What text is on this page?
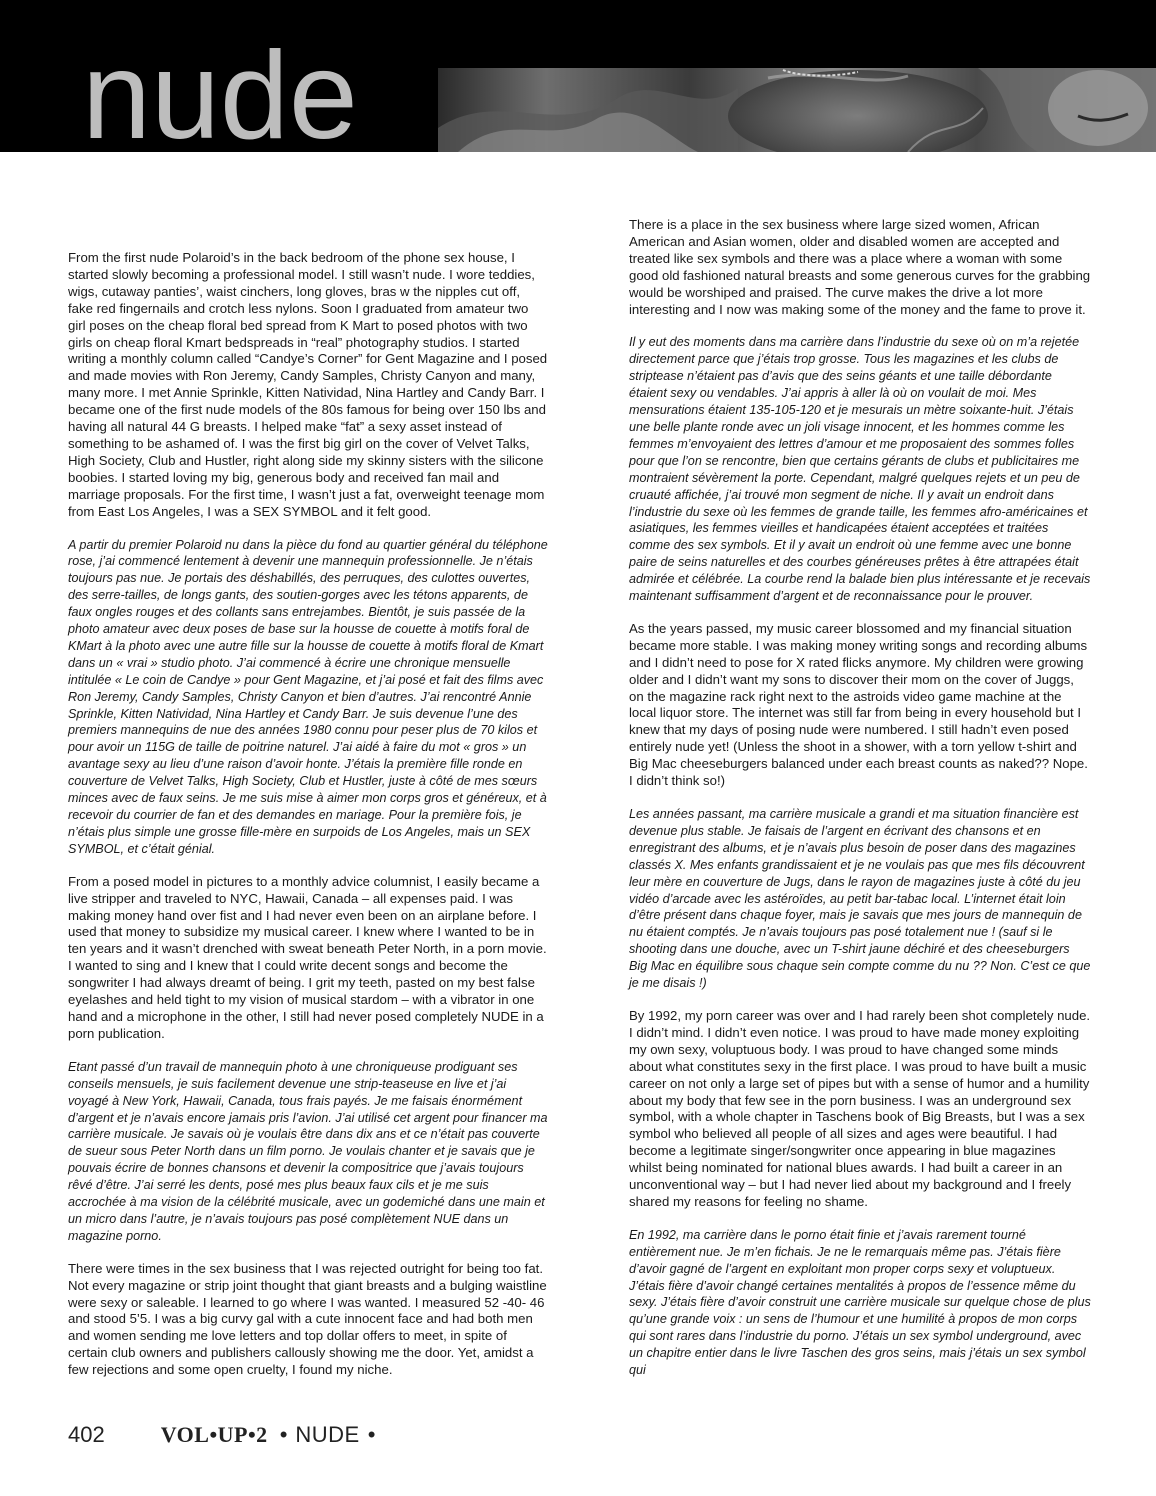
nude

From the first nude Polaroid’s in the back bedroom of the phone sex house, I started slowly becoming a professional model. I still wasn’t nude. I wore teddies, wigs, cutaway panties’, waist cinchers, long gloves, bras w the nipples cut off, fake red fingernails and crotch less nylons. Soon I graduated from amateur two girl poses on the cheap floral bed spread from K Mart to posed photos with two girls on cheap floral Kmart bedspreads in “real” photography studios. I started writing a monthly column called “Candye’s Corner” for Gent Magazine and I posed and made movies with Ron Jeremy, Candy Samples, Christy Canyon and many, many more. I met Annie Sprinkle, Kitten Natividad, Nina Hartley and Candy Barr. I became one of the first nude models of the 80s famous for being over 150 lbs and having all natural 44 G breasts. I helped make “fat” a sexy asset instead of something to be ashamed of. I was the first big girl on the cover of Velvet Talks, High Society, Club and Hustler, right along side my skinny sisters with the silicone boobies. I started loving my big, generous body and received fan mail and marriage proposals. For the first time, I wasn’t just a fat, overweight teenage mom from East Los Angeles, I was a SEX SYMBOL and it felt good.

A partir du premier Polaroid nu dans la pièce du fond au quartier général du téléphone rose, j’ai commencé lentement à devenir une mannequin professionnelle. Je n’étais toujours pas nue. Je portais des déshabillés, des perruques, des culottes ouvertes, des serre-tailles, de longs gants, des soutien-gorges avec les tétons apparents, de faux ongles rouges et des collants sans entrejambes. Bientôt, je suis passée de la photo amateur avec deux poses de base sur la housse de couette à motifs foral de KMart à la photo avec une autre fille sur la housse de couette à motifs floral de Kmart dans un « vrai » studio photo. J’ai commencé à écrire une chronique mensuelle intitulée « Le coin de Candye » pour Gent Magazine, et j’ai posé et fait des films avec Ron Jeremy, Candy Samples, Christy Canyon et bien d’autres. J’ai rencontré Annie Sprinkle, Kitten Natividad, Nina Hartley et Candy Barr. Je suis devenue l’une des premiers mannequins de nue des années 1980 connu pour peser plus de 70 kilos et pour avoir un 115G de taille de poitrine naturel. J’ai aidé à faire du mot « gros » un avantage sexy au lieu d’une raison d’avoir honte. J’étais la première fille ronde en couverture de Velvet Talks, High Society, Club et Hustler, juste à côté de mes sœurs minces avec de faux seins. Je me suis mise à aimer mon corps gros et généreux, et à recevoir du courrier de fan et des demandes en mariage. Pour la première fois, je n’étais plus simple une grosse fille-mère en surpoids de Los Angeles, mais un SEX SYMBOL, et c’était génial.

From a posed model in pictures to a monthly advice columnist, I easily became a live stripper and traveled to NYC, Hawaii, Canada – all expenses paid. I was making money hand over fist and I had never even been on an airplane before. I used that money to subsidize my musical career. I knew where I wanted to be in ten years and it wasn’t drenched with sweat beneath Peter North, in a porn movie. I wanted to sing and I knew that I could write decent songs and become the songwriter I had always dreamt of being. I grit my teeth, pasted on my best false eyelashes and held tight to my vision of musical stardom – with a vibrator in one hand and a microphone in the other, I still had never posed completely NUDE in a porn publication.

Etant passé d’un travail de mannequin photo à une chroniqueuse prodiguant ses conseils mensuels, je suis facilement devenue une strip-teaseuse en live et j’ai voyagé à New York, Hawaii, Canada, tous frais payés. Je me faisais énormément d’argent et je n’avais encore jamais pris l’avion. J’ai utilisé cet argent pour financer ma carrière musicale. Je savais où je voulais être dans dix ans et ce n’était pas couverte de sueur sous Peter North dans un film porno. Je voulais chanter et je savais que je pouvais écrire de bonnes chansons et devenir la compositrice que j’avais toujours rêvé d’être. J’ai serré les dents, posé mes plus beaux faux cils et je me suis accrochée à ma vision de la célébrité musicale, avec un godemiché dans une main et un micro dans l’autre, je n’avais toujours pas posé complètement NUE dans un magazine porno.

There were times in the sex business that I was rejected outright for being too fat. Not every magazine or strip joint thought that giant breasts and a bulging waistline were sexy or saleable. I learned to go where I was wanted. I measured 52 -40- 46 and stood 5’5. I was a big curvy gal with a cute innocent face and had both men and women sending me love letters and top dollar offers to meet, in spite of certain club owners and publishers callously showing me the door. Yet, amidst a few rejections and some open cruelty, I found my niche.

There is a place in the sex business where large sized women, African American and Asian women, older and disabled women are accepted and treated like sex symbols and there was a place where a woman with some good old fashioned natural breasts and some generous curves for the grabbing would be worshiped and praised. The curve makes the drive a lot more interesting and I now was making some of the money and the fame to prove it.

Il y eut des moments dans ma carrière dans l’industrie du sexe où on m’a rejetée directement parce que j’étais trop grosse. Tous les magazines et les clubs de striptease n’étaient pas d’avis que des seins géants et une taille débordante étaient sexy ou vendables. J’ai appris à aller là où on voulait de moi. Mes mensurations étaient 135-105-120 et je mesurais un mètre soixante-huit. J’étais une belle plante ronde avec un joli visage innocent, et les hommes comme les femmes m’envoyaient des lettres d’amour et me proposaient des sommes folles pour que l’on se rencontre, bien que certains gérants de clubs et publicitaires me montraient sévèrement la porte. Cependant, malgré quelques rejets et un peu de cruauté affichée, j’ai trouvé mon segment de niche. Il y avait un endroit dans l’industrie du sexe où les femmes de grande taille, les femmes afro-américaines et asiatiques, les femmes vieilles et handicapées étaient acceptées et traitées comme des sex symbols. Et il y avait un endroit où une femme avec une bonne paire de seins naturelles et des courbes généreuses prêtes à être attrapées était admirée et célébrée. La courbe rend la balade bien plus intéressante et je recevais maintenant suffisamment d’argent et de reconnaissance pour le prouver.

As the years passed, my music career blossomed and my financial situation became more stable. I was making money writing songs and recording albums and I didn’t need to pose for X rated flicks anymore. My children were growing older and I didn’t want my sons to discover their mom on the cover of Juggs, on the magazine rack right next to the astroids video game machine at the local liquor store. The internet was still far from being in every household but I knew that my days of posing nude were numbered. I still hadn’t even posed entirely nude yet! (Unless the shoot in a shower, with a torn yellow t-shirt and Big Mac cheeseburgers balanced under each breast counts as naked?? Nope. I didn’t think so!)

Les années passant, ma carrière musicale a grandi et ma situation financière est devenue plus stable. Je faisais de l’argent en écrivant des chansons et en enregistrant des albums, et je n’avais plus besoin de poser dans des magazines classés X. Mes enfants grandissaient et je ne voulais pas que mes fils découvrent leur mère en couverture de Jugs, dans le rayon de magazines juste à côté du jeu vidéo d’arcade avec les astéroïdes, au petit bar-tabac local. L’internet était loin d’être présent dans chaque foyer, mais je savais que mes jours de mannequin de nu étaient comptés. Je n’avais toujours pas posé totalement nue ! (sauf si le shooting dans une douche, avec un T-shirt jaune déchiré et des cheeseburgers Big Mac en équilibre sous chaque sein compte comme du nu ?? Non. C’est ce que je me disais !)

By 1992, my porn career was over and I had rarely been shot completely nude. I didn’t mind. I didn’t even notice. I was proud to have made money exploiting my own sexy, voluptuous body. I was proud to have changed some minds about what constitutes sexy in the first place. I was proud to have built a music career on not only a large set of pipes but with a sense of humor and a humility about my body that few see in the porn business. I was an underground sex symbol, with a whole chapter in Taschens book of Big Breasts, but I was a sex symbol who believed all people of all sizes and ages were beautiful. I had become a legitimate singer/songwriter once appearing in blue magazines whilst being nominated for national blues awards. I had built a career in an unconventional way – but I had never lied about my background and I freely shared my reasons for feeling no shame.

En 1992, ma carrière dans le porno était finie et j’avais rarement tourné entièrement nue. Je m’en fichais. Je ne le remarquais même pas. J’étais fière d’avoir gagné de l’argent en exploitant mon proper corps sexy et voluptueux. J’étais fière d’avoir changé certaines mentalités à propos de l’essence même du sexy. J’étais fière d’avoir construit une carrière musicale sur quelque chose de plus qu’une grande voix : un sens de l’humour et une humilité à propos de mon corps qui sont rares dans l’industrie du porno. J’étais un sex symbol underground, avec un chapitre entier dans le livre Taschen des gros seins, mais j’étais un sex symbol qui

402	VOL•UP•2 • NUDE •
